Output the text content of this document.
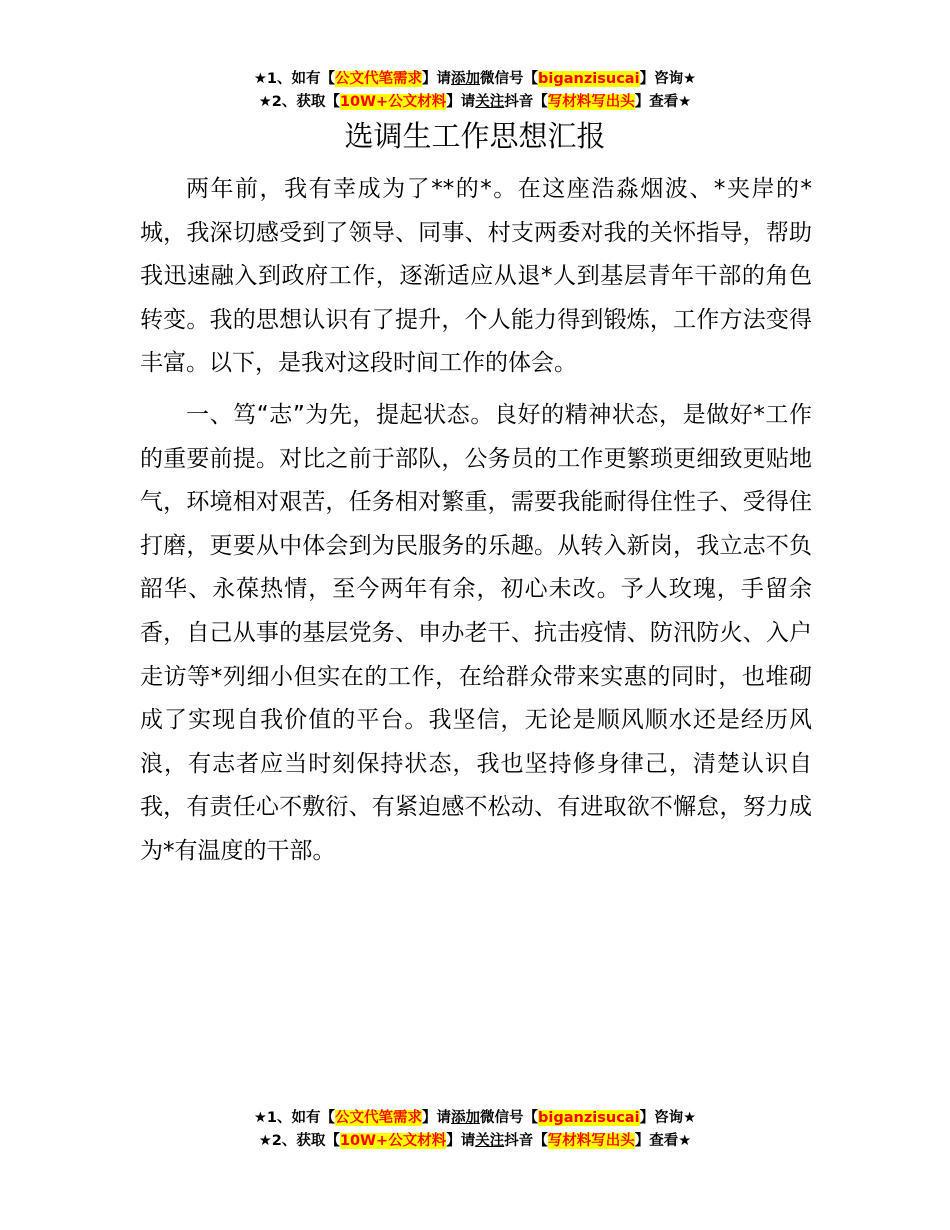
★1、如有【公文代笔需求】请添加微信号【biganzisucai】咨询★
★2、获取【10W+公文材料】请关注抖音【写材料写出头】查看★
选调生工作思想汇报

两年前，我有幸成为了**的*。在这座浩淼烟波、*夹岸的*城，我深切感受到了领导、同事、村支两委对我的关怀指导，帮助我迅速融入到政府工作，逐渐适应从退*人到基层青年干部的角色转变。我的思想认识有了提升，个人能力得到锻炼，工作方法变得丰富。以下，是我对这段时间工作的体会。

一、笃“志”为先，提起状态。良好的精神状态，是做好*工作的重要前提。对比之前于部队，公务员的工作更繁琐更细致更贴地气，环境相对艰苦，任务相对繁重，需要我能耐得住性子、受得住打磨，更要从中体会到为民服务的乐趣。从转入新岗，我立志不负韶华、永葆热情，至今两年有余，初心未改。予人玫瑰，手留余香，自己从事的基层党务、申办老干、抗击疫情、防汛防火、入户走访等*列细小但实在的工作，在给群众带来实惠的同时，也堆砌成了实现自我价值的平台。我坚信，无论是顺风顺水还是经历风浪，有志者应当时刻保持状态，我也坚持修身律己，清楚认识自我，有责任心不敷衍、有紧迫感不松动、有进取欲不懈怠，努力成为*有温度的干部。

★1、如有【公文代笔需求】请添加微信号【biganzisucai】咨询★
★2、获取【10W+公文材料】请关注抖音【写材料写出头】查看★
